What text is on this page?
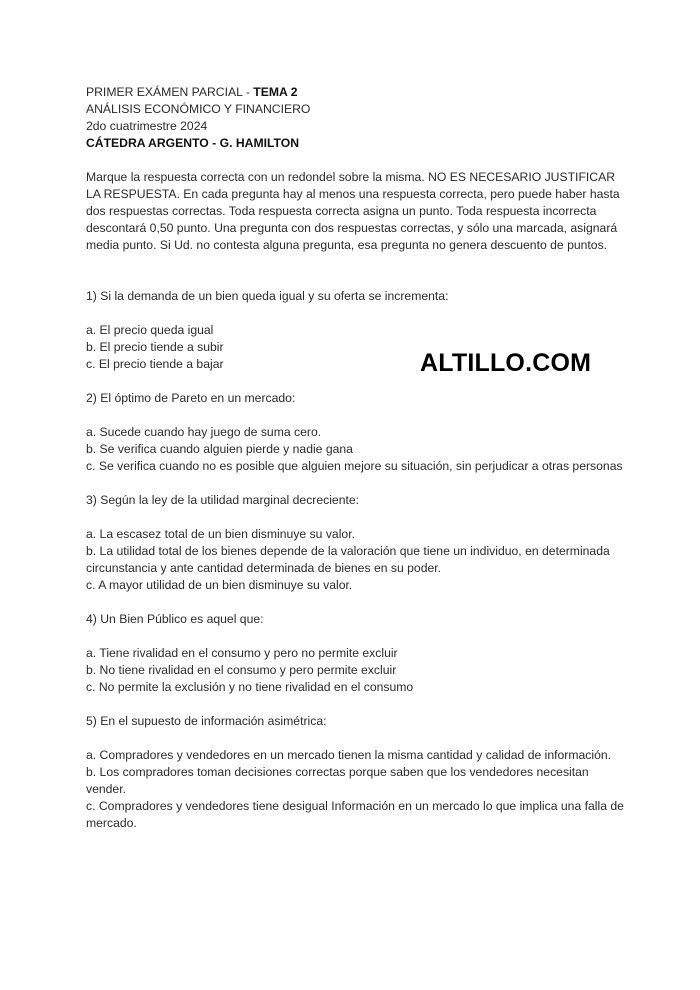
PRIMER EXÁMEN PARCIAL - TEMA 2
ANÁLISIS ECONÓMICO Y FINANCIERO
2do cuatrimestre 2024
CÁTEDRA ARGENTO - G. HAMILTON
Marque la respuesta correcta con un redondel sobre la misma. NO ES NECESARIO JUSTIFICAR LA RESPUESTA. En cada pregunta hay al menos una respuesta correcta, pero puede haber hasta dos respuestas correctas. Toda respuesta correcta asigna un punto. Toda respuesta incorrecta descontará 0,50 punto. Una pregunta con dos respuestas correctas, y sólo una marcada, asignará media punto. Si Ud. no contesta alguna pregunta, esa pregunta no genera descuento de puntos.
1) Si la demanda de un bien queda igual y su oferta se incrementa:
a. El precio queda igual
b. El precio tiende a subir
c. El precio tiende a bajar
2) El óptimo de Pareto en un mercado:
a. Sucede cuando hay juego de suma cero.
b. Se verifica cuando alguien pierde y nadie gana
c. Se verifica cuando no es posible que alguien mejore su situación, sin perjudicar a otras personas
3) Según la ley de la utilidad marginal decreciente:
a. La escasez total de un bien disminuye su valor.
b. La utilidad total de los bienes depende de la valoración que tiene un individuo, en determinada circunstancia y ante cantidad determinada de bienes en su poder.
c. A mayor utilidad de un bien disminuye su valor.
4) Un Bien Público es aquel que:
a. Tiene rivalidad en el consumo y pero no permite excluir
b. No tiene rivalidad en el consumo y pero permite excluir
c. No permite la exclusión y no tiene rivalidad en el consumo
5) En el supuesto de información asimétrica:
a. Compradores y vendedores en un mercado tienen la misma cantidad y calidad de información.
b. Los compradores toman decisiones correctas porque saben que los vendedores necesitan vender.
c. Compradores y vendedores tiene desigual Información en un mercado lo que implica una falla de mercado.
ALTILLO.COM
